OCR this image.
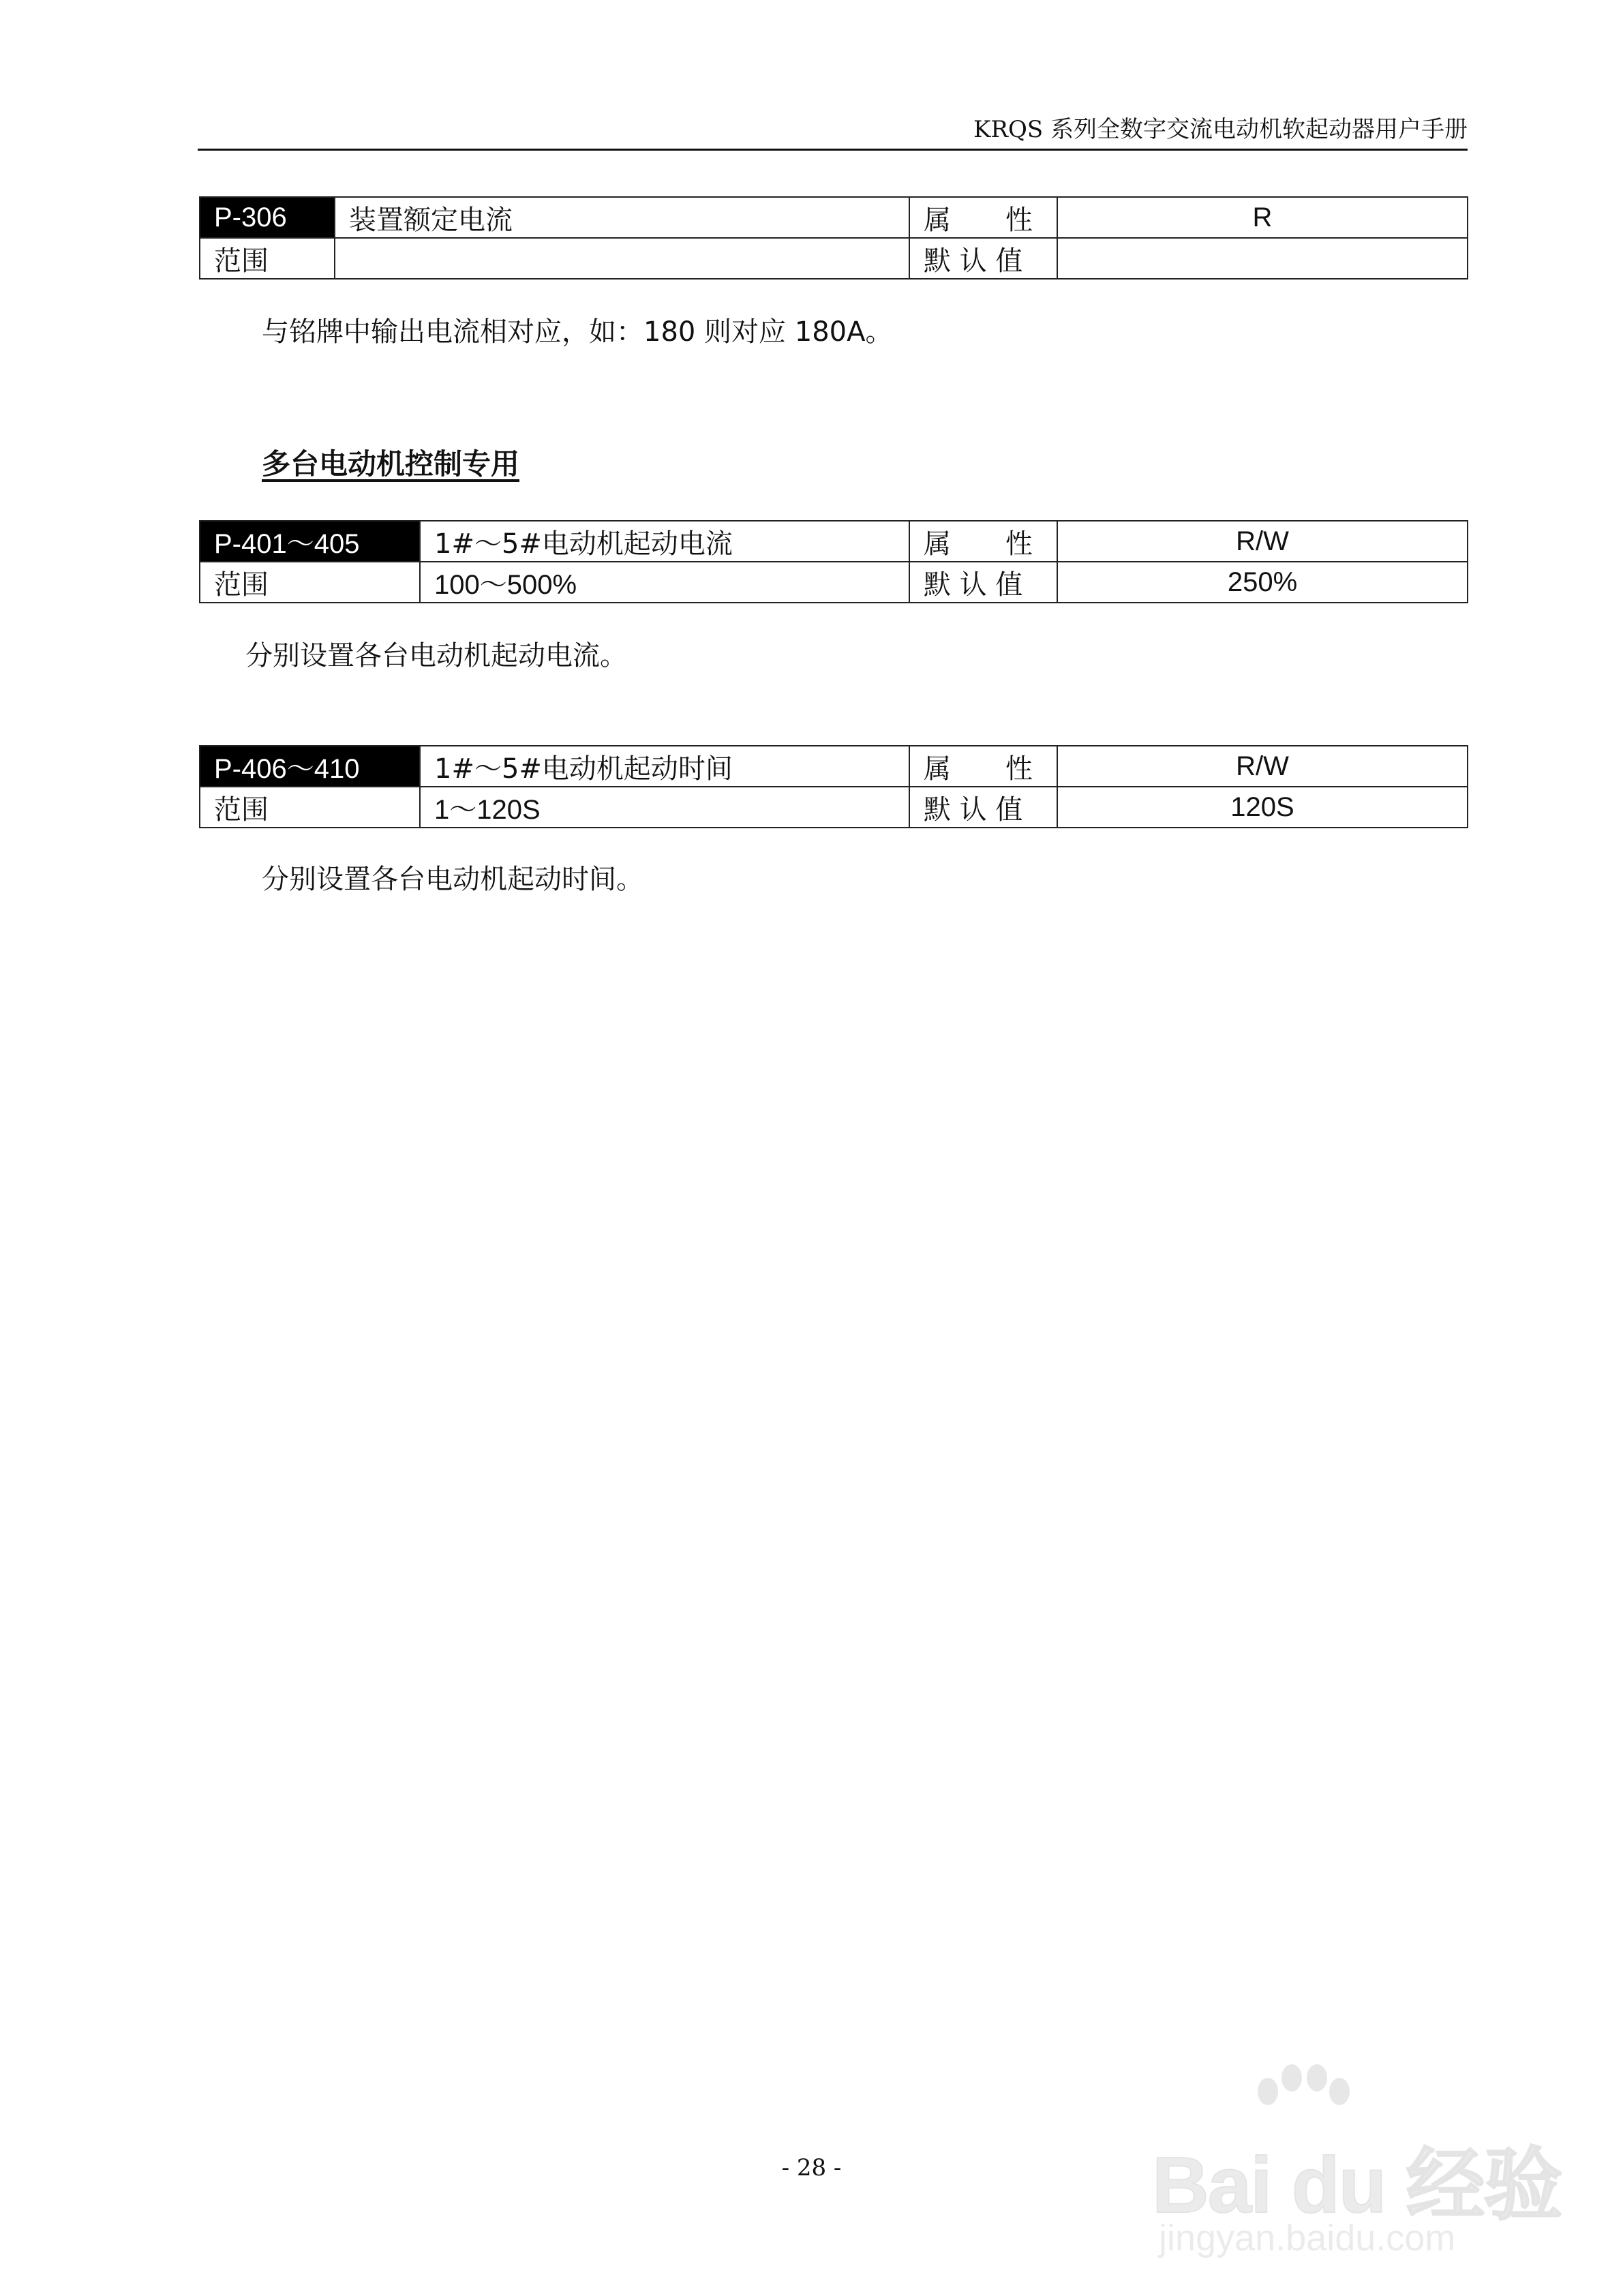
KRQS 系列全数字交流电动机软起动器用户手册
P-306	装置额定电流	属　　性	R
范围		默 认 值	
与铭牌中输出电流相对应，如：180 则对应 180A。
多台电动机控制专用
P-401～405	1#～5#电动机起动电流	属　　性	R/W
范围	100～500%	默 认 值	250%
分别设置各台电动机起动电流。
P-406～410	1#～5#电动机起动时间	属　　性	R/W
范围	1～120S	默 认 值	120S
分别设置各台电动机起动时间。
- 28 -	Bai du 经验
jingyan.baidu.com
